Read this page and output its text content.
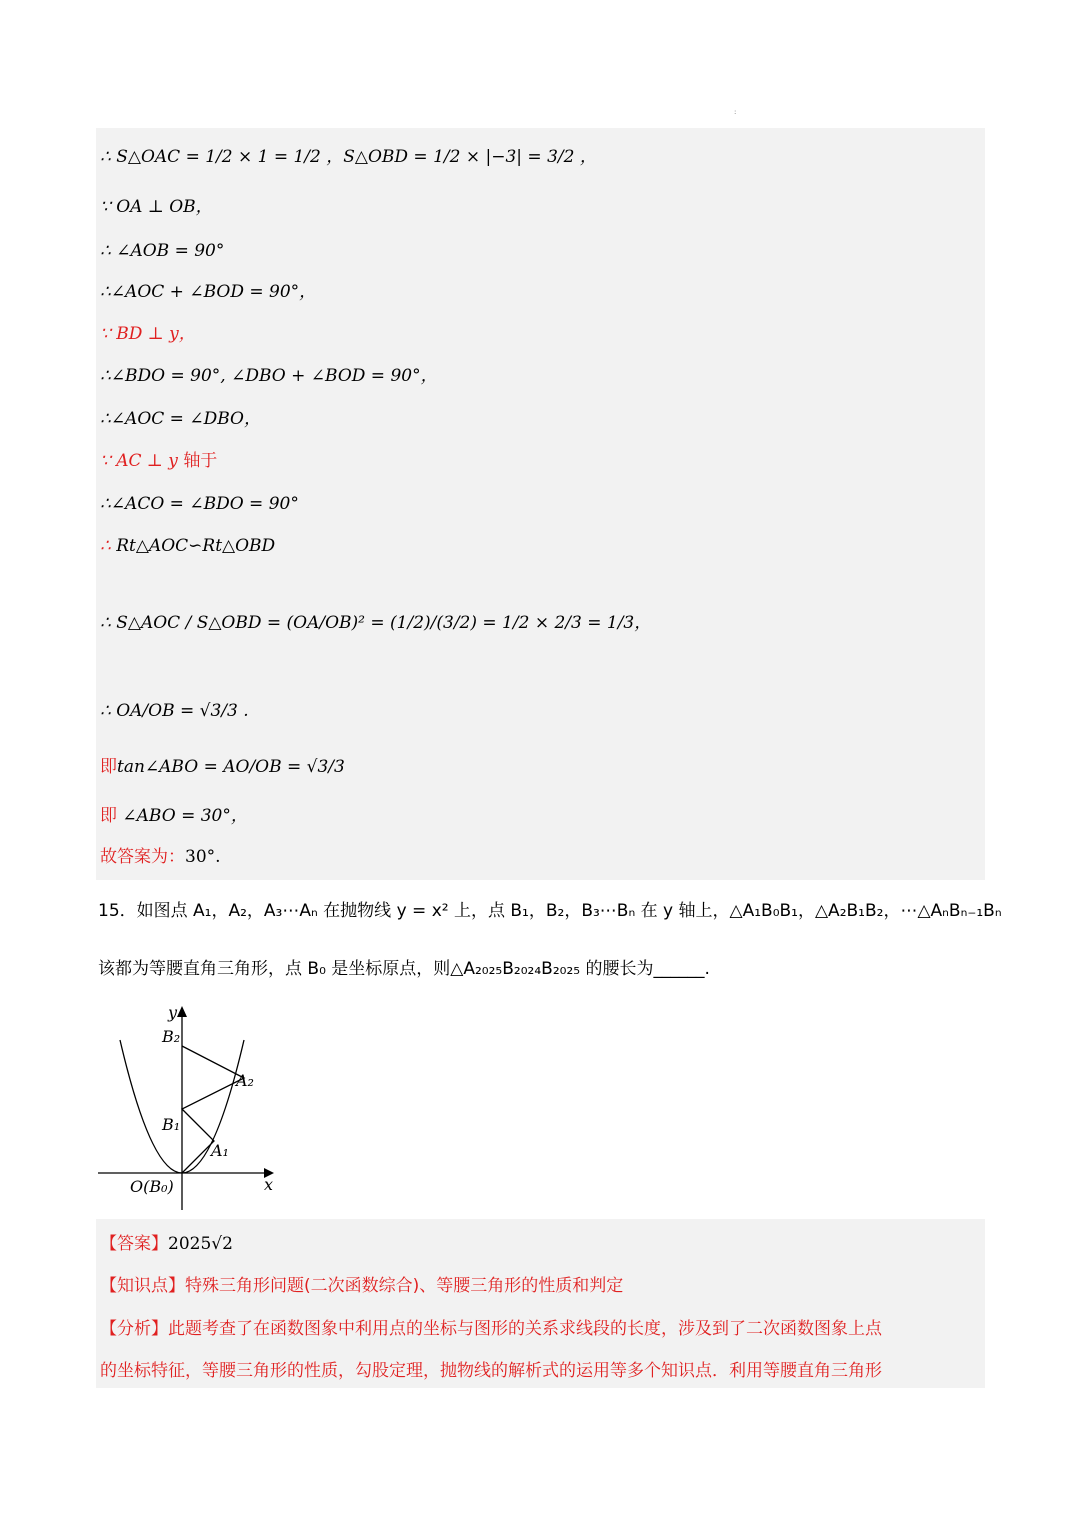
:
∴ S△OAC = 1/2 × 1 = 1/2 ，S△OBD = 1/2 × |−3| = 3/2 ，
∵ OA ⊥ OB，
∴ ∠AOB = 90°
∴∠AOC + ∠BOD = 90°，
∵ BD ⊥ y，
∴∠BDO = 90°, ∠DBO + ∠BOD = 90°，
∴∠AOC = ∠DBO，
∵ AC ⊥ y 轴于
∴∠ACO = ∠BDO = 90°
∴ Rt△AOC∽Rt△OBD
∴ S△AOC / S△OBD = (OA/OB)² = (1/2)/(3/2) = 1/2 × 2/3 = 1/3，
∴ OA/OB = √3/3 .
即tan∠ABO = AO/OB = √3/3
即 ∠ABO = 30°，
故答案为：30°.
15．如图点 A₁，A₂，A₃⋯Aₙ 在抛物线 y = x² 上，点 B₁，B₂，B₃⋯Bₙ 在 y 轴上，△A₁B₀B₁，△A₂B₁B₂，⋯△AₙBₙ₋₁Bₙ
该都为等腰直角三角形，点 B₀ 是坐标原点，则△A₂₀₂₅B₂₀₂₄B₂₀₂₅ 的腰长为______.
y
x
B₂
A₂
B₁
A₁
O(B₀)
【答案】2025√2
【知识点】特殊三角形问题(二次函数综合)、等腰三角形的性质和判定
【分析】此题考查了在函数图象中利用点的坐标与图形的关系求线段的长度，涉及到了二次函数图象上点
的坐标特征，等腰三角形的性质，勾股定理，抛物线的解析式的运用等多个知识点．利用等腰直角三角形
